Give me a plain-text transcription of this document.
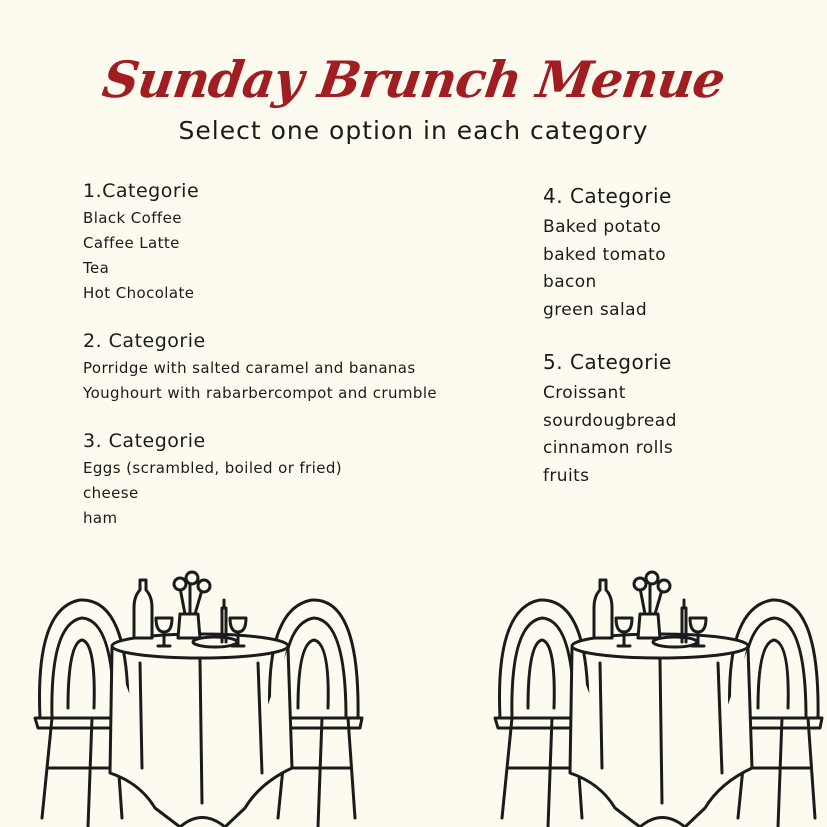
Sunday Brunch Menue
Select one option in each category
1.Categorie
Black Coffee
Caffee Latte
Tea
Hot Chocolate
2. Categorie
Porridge with salted caramel and bananas
Youghourt with rabarbercompot and crumble
3. Categorie
Eggs (scrambled, boiled or fried)
cheese
ham
4. Categorie
Baked potato
baked tomato
bacon
green salad
5. Categorie
Croissant
sourdougbread
cinnamon rolls
fruits
